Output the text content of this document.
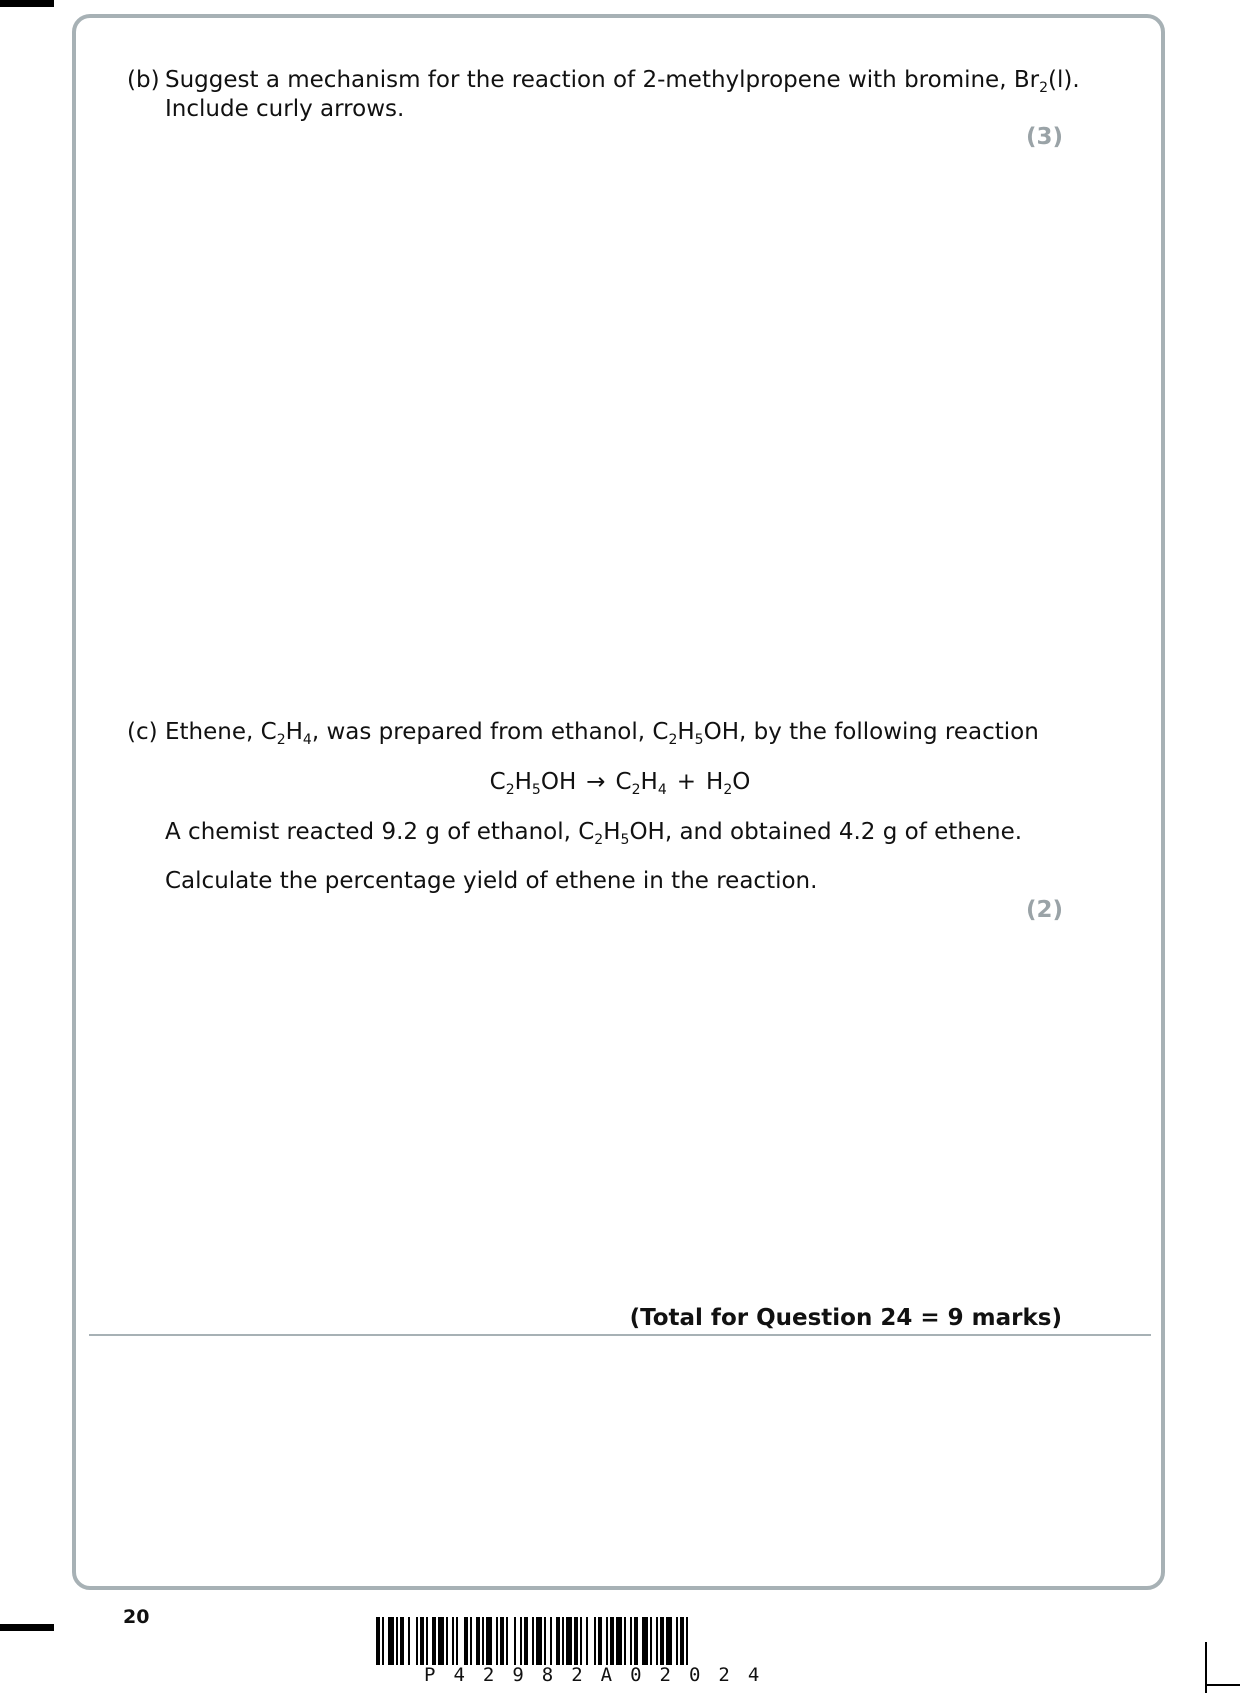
(b) Suggest a mechanism for the reaction of 2-methylpropene with bromine, $Br_2(l)$.
Include curly arrows.
(3)
(c) Ethene, $C_2H_4$, was prepared from ethanol, $C_2H_5OH$, by the following reaction
$C_2H_5OH \to C_2H_4 + H_2O$
A chemist reacted 9.2 g of ethanol, $C_2H_5OH$, and obtained 4.2 g of ethene.
Calculate the percentage yield of ethene in the reaction.
(2)
(Total for Question 24 = 9 marks)
20
P42982A02024
